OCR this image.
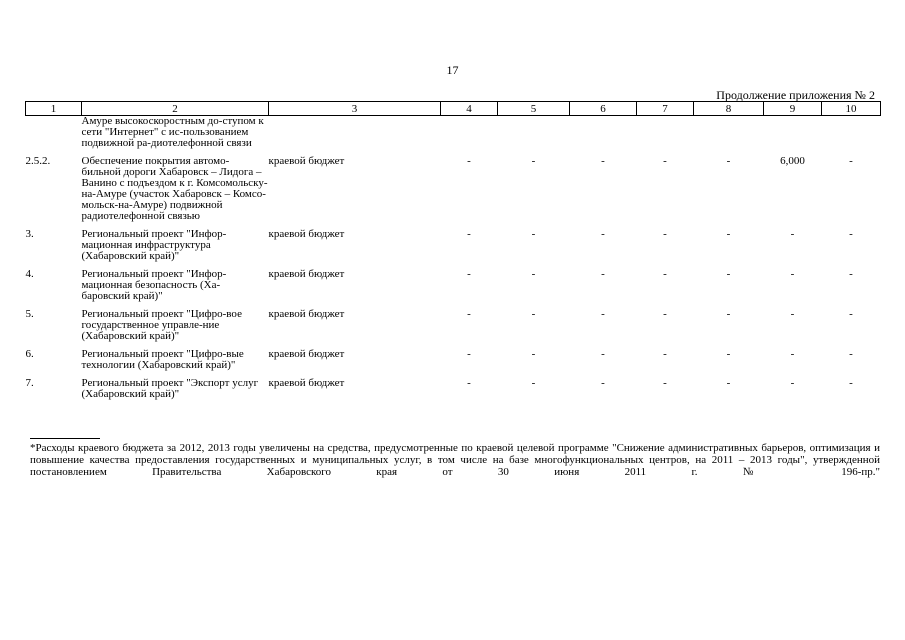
17
Продолжение приложения № 2
1	2	3	4	5	6	7	8	9	10
	Амуре высокоскоростным до-ступом к сети "Интернет" с ис-пользованием подвижной ра-диотелефонной связи								
2.5.2.	Обеспечение покрытия автомо-бильной дороги Хабаровск – Лидога – Ванино с подъездом к г. Комсомольску-на-Амуре (участок Хабаровск – Комсо-мольск-на-Амуре) подвижной радиотелефонной связью	краевой бюджет	-	-	-	-	-	6,000	-
3.	Региональный проект "Инфор-мационная инфраструктура (Хабаровский край)"	краевой бюджет	-	-	-	-	-	-	-
4.	Региональный проект "Инфор-мационная безопасность (Ха-баровский край)"	краевой бюджет	-	-	-	-	-	-	-
5.	Региональный проект "Цифро-вое государственное управле-ние (Хабаровский край)"	краевой бюджет	-	-	-	-	-	-	-
6.	Региональный проект "Цифро-вые технологии (Хабаровский край)"	краевой бюджет	-	-	-	-	-	-	-
7.	Региональный проект "Экспорт услуг (Хабаровский край)"	краевой бюджет	-	-	-	-	-	-	-
*Расходы краевого бюджета за 2012, 2013 годы увеличены на средства, предусмотренные по краевой целевой программе "Снижение административных барьеров, оптимизация и повышение качества предоставления государственных и муниципальных услуг, в том числе на базе многофункциональных центров, на 2011 – 2013 годы", утвержденной постановлением Правительства Хабаровского края от 30 июня 2011 г. № 196-пр."
